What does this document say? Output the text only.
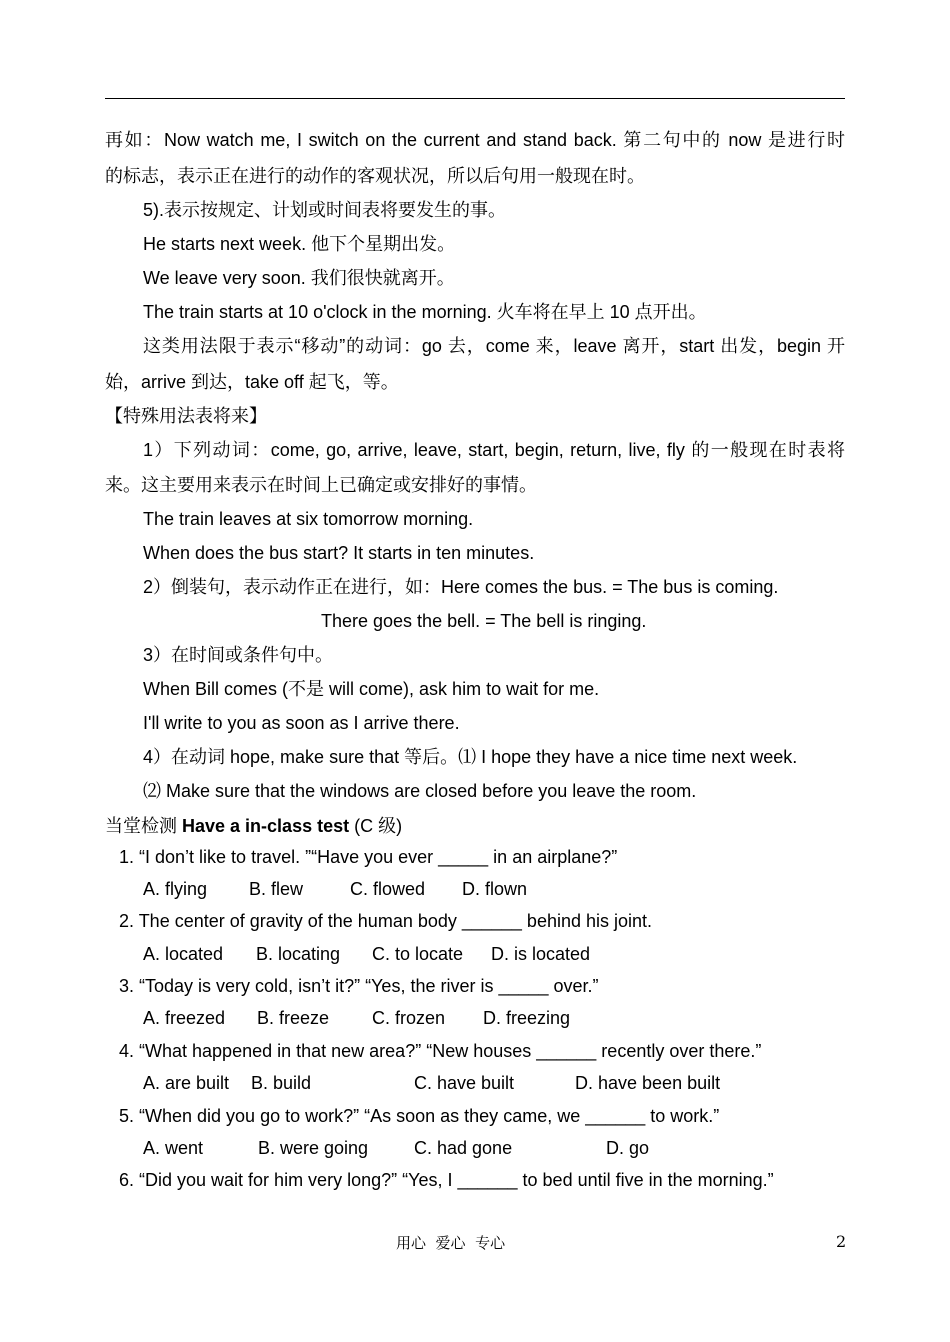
再如：Now watch me, I switch on the current and stand back. 第二句中的 now 是进行时
的标志，表示正在进行的动作的客观状况，所以后句用一般现在时。
5).表示按规定、计划或时间表将要发生的事。
He starts next week. 他下个星期出发。
We leave very soon. 我们很快就离开。
The train starts at 10 o'clock in the morning. 火车将在早上 10 点开出。
这类用法限于表示“移动”的动词：go 去，come 来，leave 离开，start 出发，begin 开
始，arrive 到达，take off 起飞，等。
【特殊用法表将来】
1）下列动词：come, go, arrive, leave, start, begin, return, live, fly 的一般现在时表将
来。这主要用来表示在时间上已确定或安排好的事情。
The train leaves at six tomorrow morning.
When does the bus start? It starts in ten minutes.
2）倒装句，表示动作正在进行，如：Here comes the bus. = The bus is coming.
There goes the bell. = The bell is ringing.
3）在时间或条件句中。
When Bill comes (不是 will come), ask him to wait for me.
I'll write to you as soon as I arrive there.
4）在动词 hope, make sure that 等后。⑴ I hope they have a nice time next week.
⑵ Make sure that the windows are closed before you leave the room.
当堂检测 Have a in-class test (C 级)
1. “I don’t like to travel. ”“Have you ever _____ in an airplane?”
A. flying B. flew	C. flowed D. flown
2. The center of gravity of the human body ______ behind his joint.
A. located B. locating C. to locate D. is located
3. “Today is very cold, isn’t it?” “Yes, the river is _____ over.”
A. freezed B. freeze C. frozen D. freezing
4. “What happened in that new area?” “New houses ______ recently over there.”
A. are built B. build	C. have built	D. have been built
5. “When did you go to work?” “As soon as they came, we ______ to work.”
A. went	B. were going	C. had gone	D. go
6. “Did you wait for him very long?” “Yes, I ______ to bed until five in the morning.”
用心  爱心  专心	2
